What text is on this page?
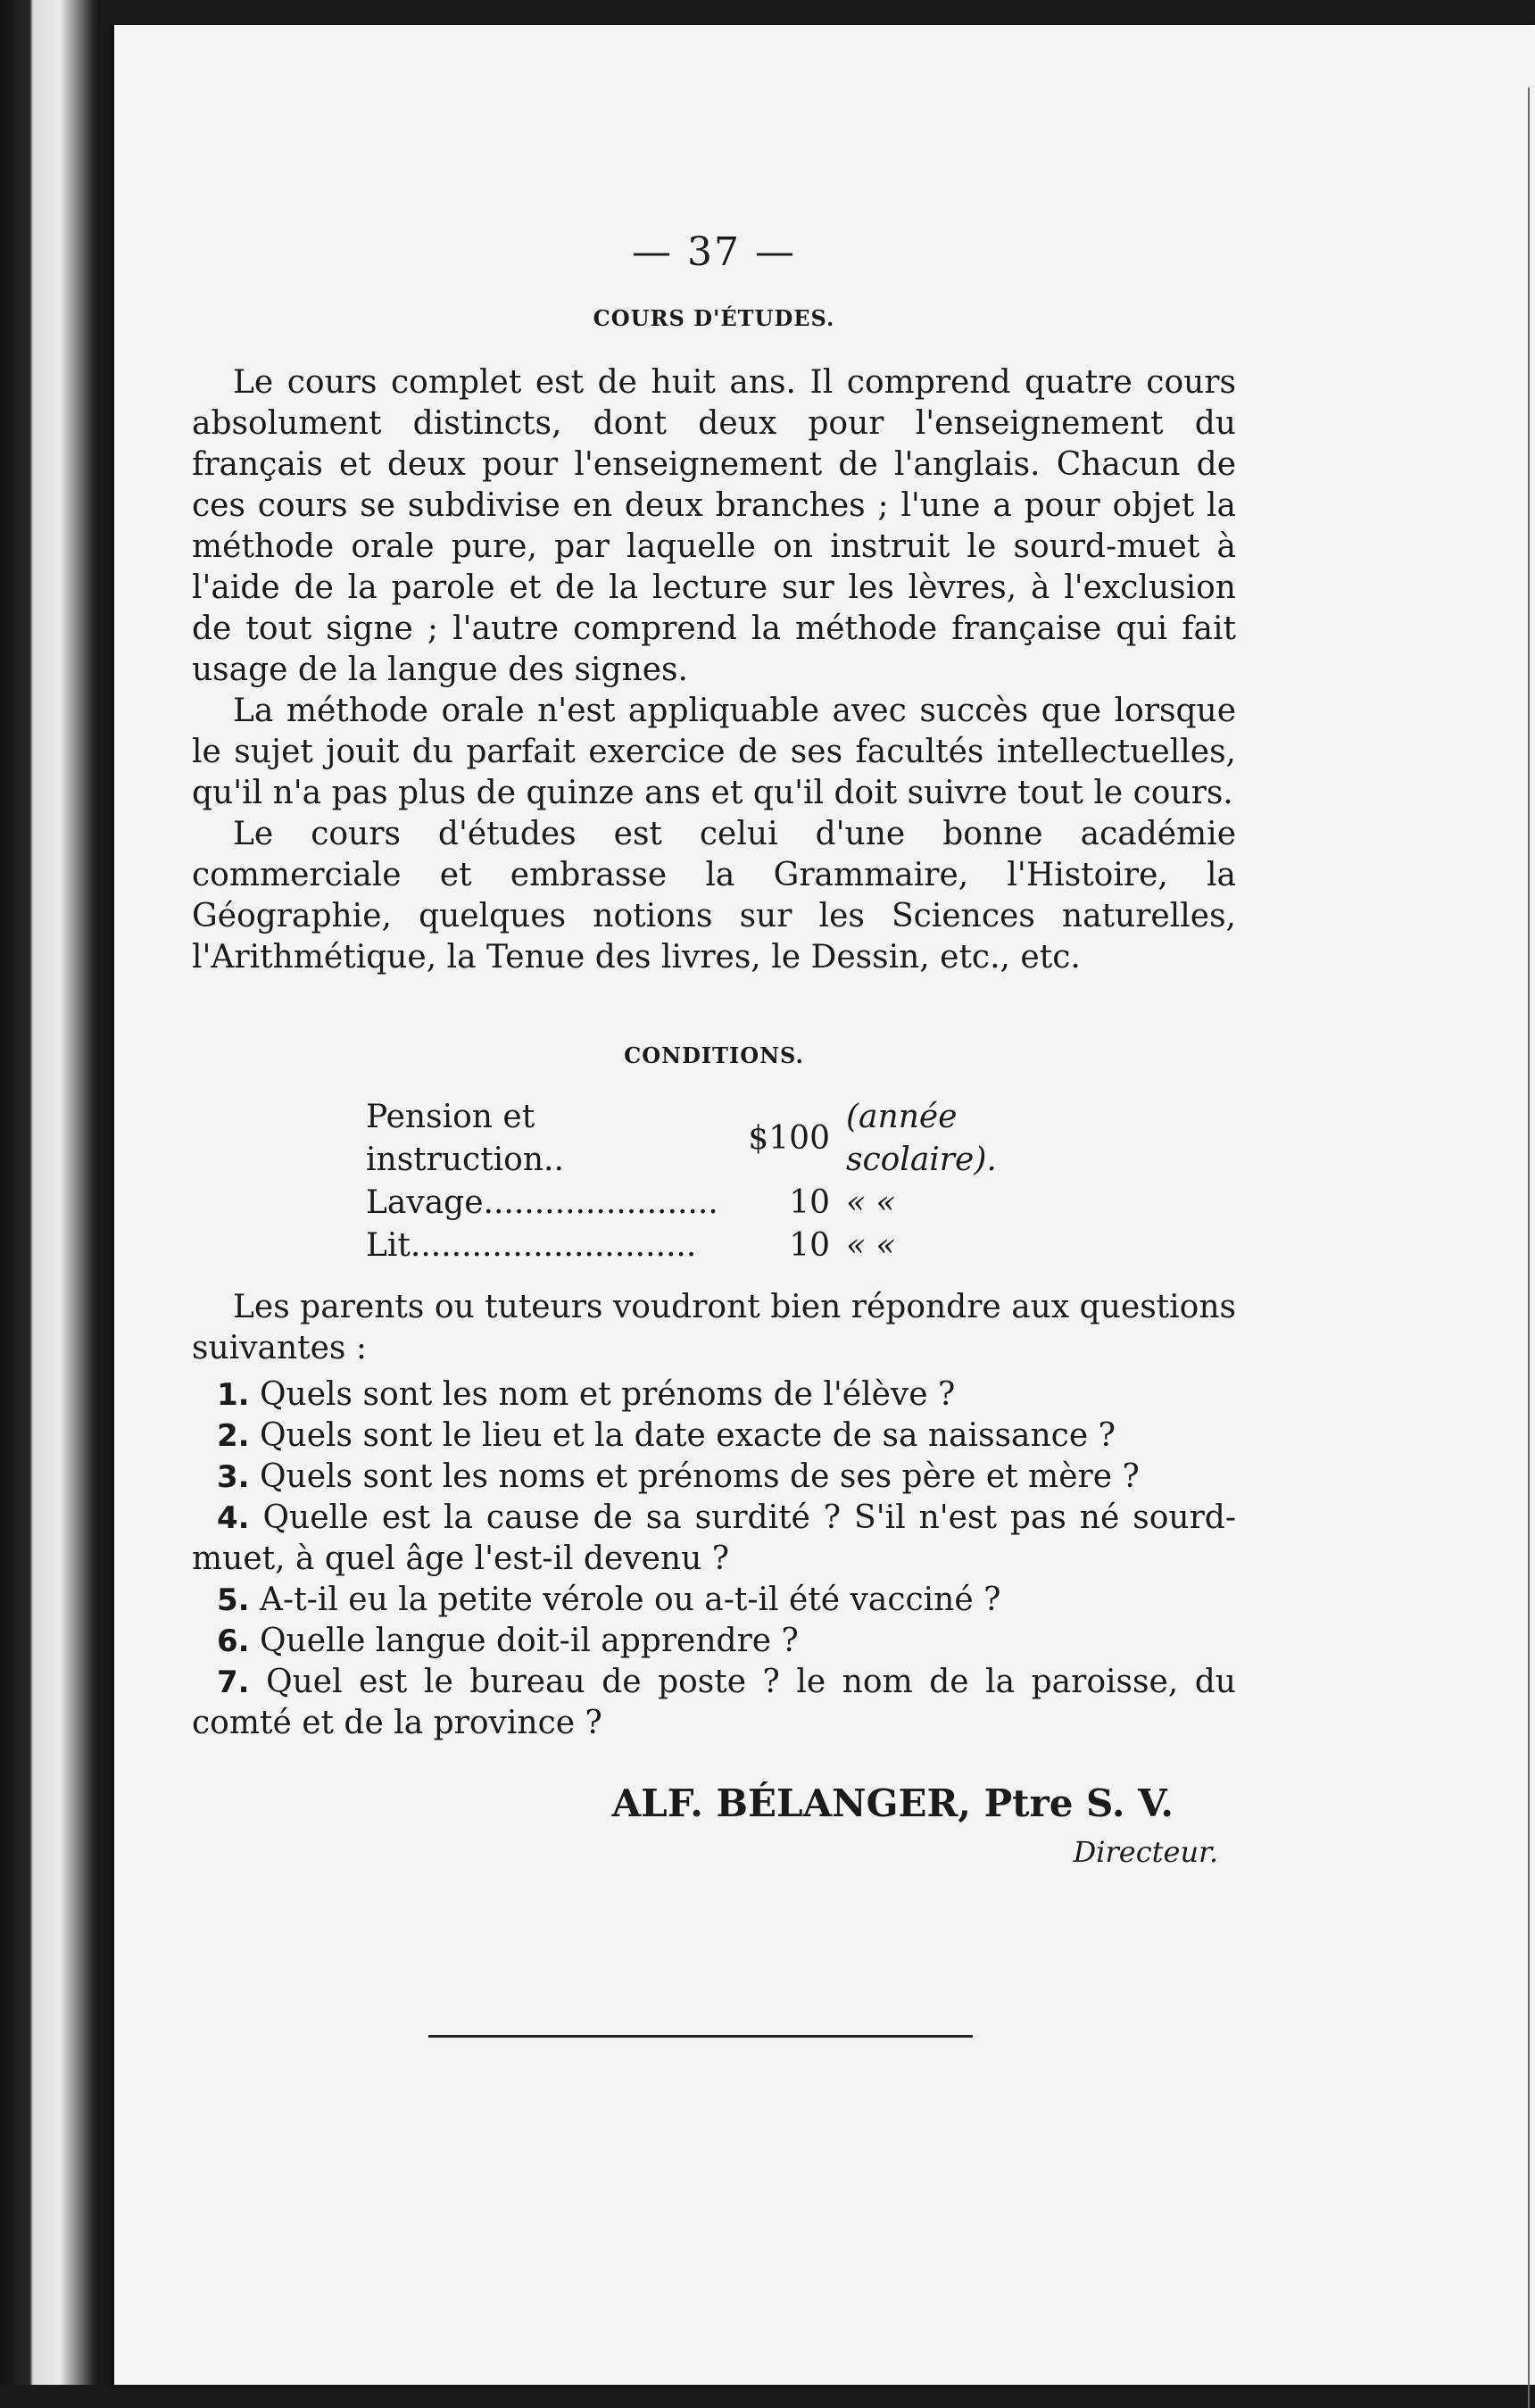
— 37 —
COURS D'ÉTUDES.

Le cours complet est de huit ans. Il comprend quatre cours absolument distincts, dont deux pour l'enseignement du français et deux pour l'enseignement de l'anglais. Chacun de ces cours se subdivise en deux branches ; l'une a pour objet la méthode orale pure, par laquelle on instruit le sourd-muet à l'aide de la parole et de la lecture sur les lèvres, à l'exclusion de tout signe ; l'autre comprend la méthode française qui fait usage de la langue des signes.

La méthode orale n'est appliquable avec succès que lorsque le sujet jouit du parfait exercice de ses facultés intellectuelles, qu'il n'a pas plus de quinze ans et qu'il doit suivre tout le cours.

Le cours d'études est celui d'une bonne académie commerciale et embrasse la Grammaire, l'Histoire, la Géographie, quelques notions sur les Sciences naturelles, l'Arithmétique, la Tenue des livres, le Dessin, etc., etc.

CONDITIONS.
Pension et instruction..	$100	(année scolaire).
Lavage.......................	10	« «
Lit............................	10	« «

Les parents ou tuteurs voudront bien répondre aux questions suivantes :

1. Quels sont les nom et prénoms de l'élève ?
2. Quels sont le lieu et la date exacte de sa naissance ?
3. Quels sont les noms et prénoms de ses père et mère ?
4. Quelle est la cause de sa surdité ? S'il n'est pas né sourd-muet, à quel âge l'est-il devenu ?
5. A-t-il eu la petite vérole ou a-t-il été vacciné ?
6. Quelle langue doit-il apprendre ?
7. Quel est le bureau de poste ? le nom de la paroisse, du comté et de la province ?
ALF. BÉLANGER, Ptre S. V.
Directeur.
